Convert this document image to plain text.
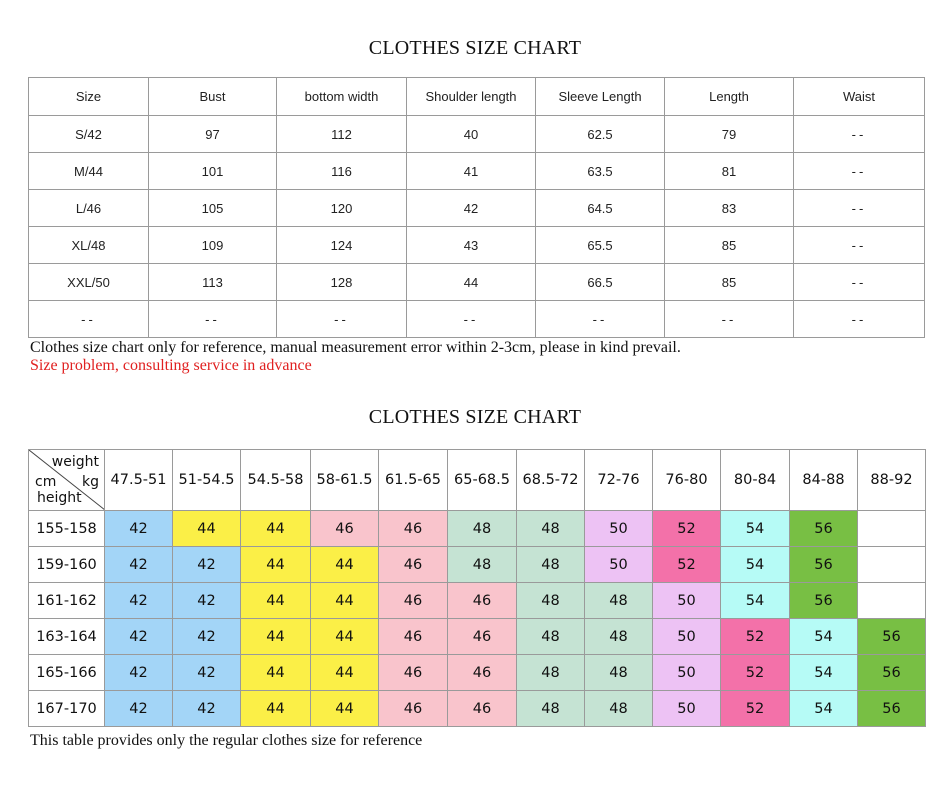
CLOTHES SIZE CHART
Size	Bust	bottom width	Shoulder length	Sleeve Length	Length	Waist
S/42	97	112	40	62.5	79	--
M/44	101	116	41	63.5	81	--
L/46	105	120	42	64.5	83	--
XL/48	109	124	43	65.5	85	--
XXL/50	113	128	44	66.5	85	--
--	--	--	--	--	--	--
Clothes size chart only for reference, manual measurement error within 2-3cm, please in kind prevail.
Size problem, consulting service in advance
CLOTHES SIZE CHART
weight
cm kg
height	47.5-51	51-54.5	54.5-58	58-61.5	61.5-65	65-68.5	68.5-72	72-76	76-80	80-84	84-88	88-92
155-158	42	44	44	46	46	48	48	50	52	54	56	
159-160	42	42	44	44	46	48	48	50	52	54	56	
161-162	42	42	44	44	46	46	48	48	50	54	56	
163-164	42	42	44	44	46	46	48	48	50	52	54	56
165-166	42	42	44	44	46	46	48	48	50	52	54	56
167-170	42	42	44	44	46	46	48	48	50	52	54	56
This table provides only the regular clothes size for reference
